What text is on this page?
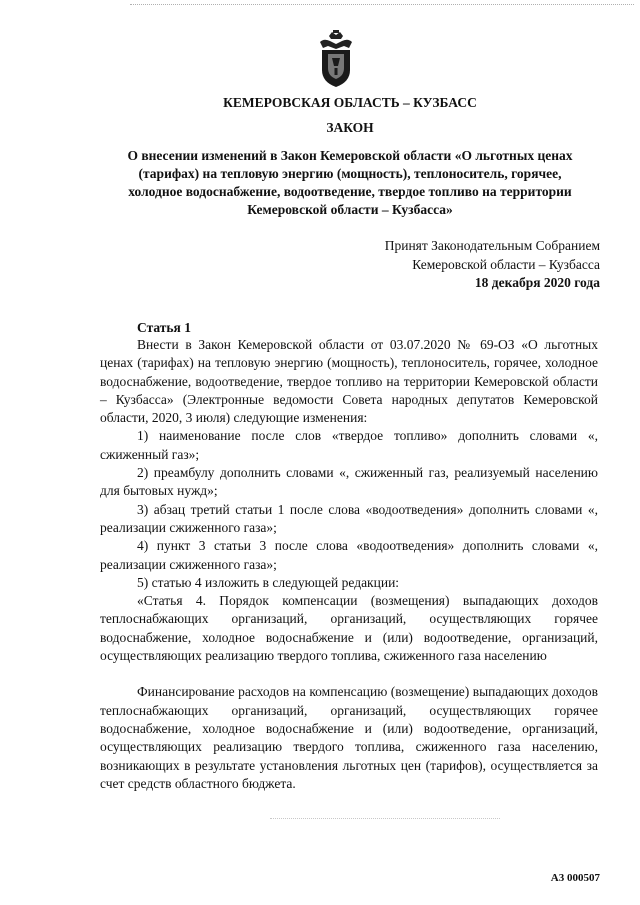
КЕМЕРОВСКАЯ ОБЛАСТЬ – КУЗБАСС
ЗАКОН
О внесении изменений в Закон Кемеровской области «О льготных ценах
(тарифах) на тепловую энергию (мощность), теплоноситель, горячее,
холодное водоснабжение, водоотведение, твердое топливо на территории
Кемеровской области – Кузбасса»
Принят Законодательным Собранием
Кемеровской области – Кузбасса
18 декабря 2020 года
Статья 1

Внести в Закон Кемеровской области от 03.07.2020 № 69-ОЗ «О льготных ценах (тарифах) на тепловую энергию (мощность), теплоноситель, горячее, холодное водоснабжение, водоотведение, твердое топливо на территории Кемеровской области – Кузбасса» (Электронные ведомости Совета народных депутатов Кемеровской области, 2020, 3 июля) следующие изменения:

1) наименование после слов «твердое топливо» дополнить словами «, сжиженный газ»;

2) преамбулу дополнить словами «, сжиженный газ, реализуемый населению для бытовых нужд»;

3) абзац третий статьи 1 после слова «водоотведения» дополнить словами «, реализации сжиженного газа»;

4) пункт 3 статьи 3 после слова «водоотведения» дополнить словами «, реализации сжиженного газа»;

5) статью 4 изложить в следующей редакции:

«Статья 4. Порядок компенсации (возмещения) выпадающих доходов теплоснабжающих организаций, организаций, осуществляющих горячее водоснабжение, холодное водоснабжение и (или) водоотведение, организаций, осуществляющих реализацию твердого топлива, сжиженного газа населению

Финансирование расходов на компенсацию (возмещение) выпадающих доходов теплоснабжающих организаций, организаций, осуществляющих горячее водоснабжение, холодное водоснабжение и (или) водоотведение, организаций, осуществляющих реализацию твердого топлива, сжиженного газа населению, возникающих в результате установления льготных цен (тарифов), осуществляется за счет средств областного бюджета.

А3 000507
